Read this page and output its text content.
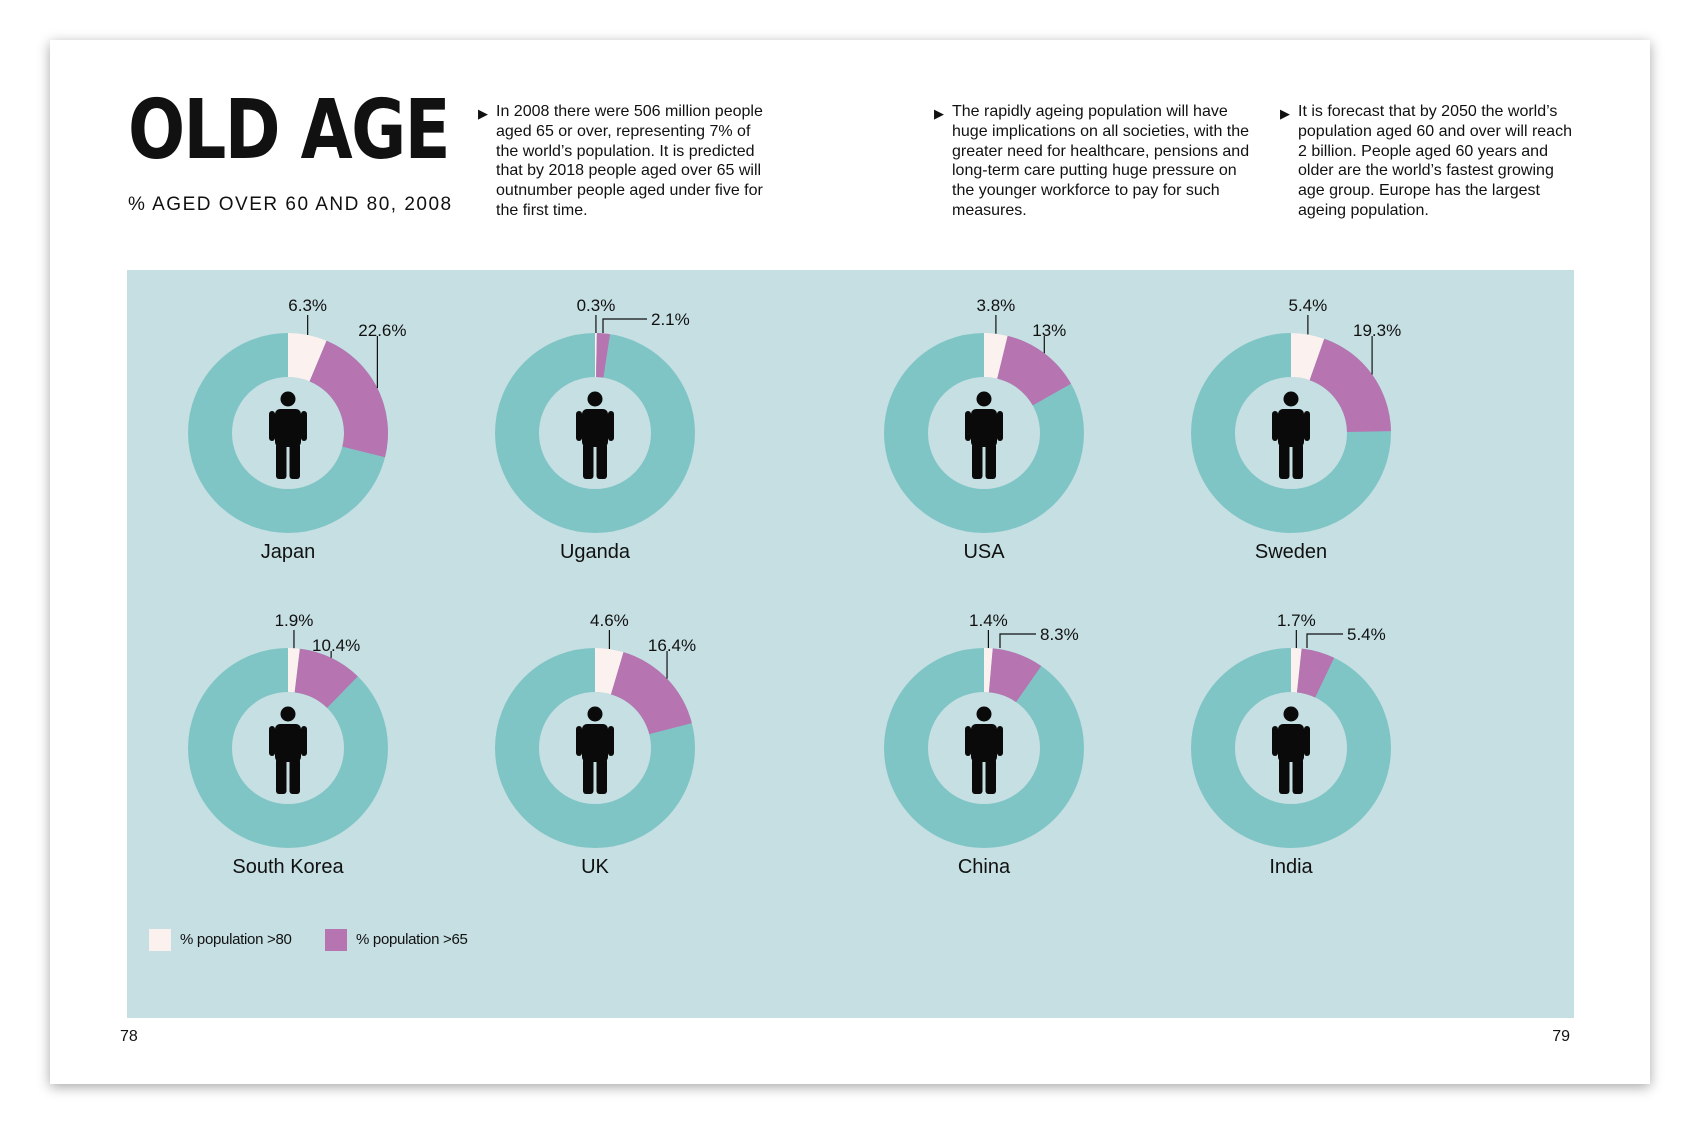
OLD AGE

% AGED OVER 60 AND 80, 2008

▶ In 2008 there were 506 million people aged 65 or over, representing 7% of the world’s population. It is predicted that by 2018 people aged over 65 will outnumber people aged under five for the first time.
▶ The rapidly ageing population will have huge implications on all societies, with the greater need for healthcare, pensions and long-term care putting huge pressure on the younger workforce to pay for such measures.
▶ It is forecast that by 2050 the world’s population aged 60 and over will reach 2 billion. People aged 60 years and older are the world’s fastest growing age group. Europe has the largest ageing population.
6.3%
22.6%
Japan
0.3%
2.1%
Uganda
3.8%
13%
USA
5.4%
19.3%
Sweden
1.9%
10.4%
South Korea
4.6%
16.4%
UK
1.4%
8.3%
China
1.7%
5.4%
India
% population >80	% population >65
78	79
